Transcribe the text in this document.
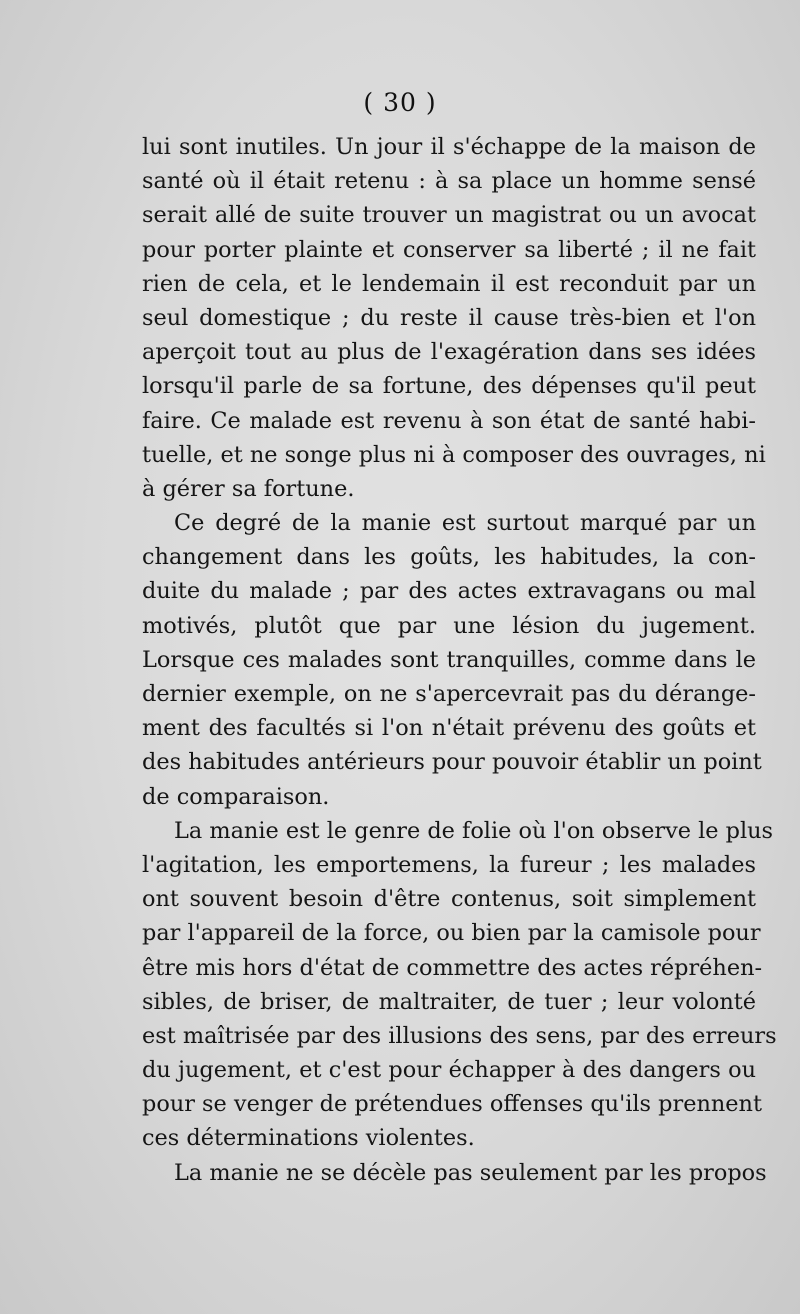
( 30 )
lui sont inutiles. Un jour il s'échappe de la maison de
santé où il était retenu : à sa place un homme sensé
serait allé de suite trouver un magistrat ou un avocat
pour porter plainte et conserver sa liberté ; il ne fait
rien de cela, et le lendemain il est reconduit par un
seul domestique ; du reste il cause très-bien et l'on
aperçoit tout au plus de l'exagération dans ses idées
lorsqu'il parle de sa fortune, des dépenses qu'il peut
faire. Ce malade est revenu à son état de santé habi-
tuelle, et ne songe plus ni à composer des ouvrages, ni
à gérer sa fortune.
Ce degré de la manie est surtout marqué par un
changement dans les goûts, les habitudes, la con-
duite du malade ; par des actes extravagans ou mal
motivés, plutôt que par une lésion du jugement.
Lorsque ces malades sont tranquilles, comme dans le
dernier exemple, on ne s'apercevrait pas du dérange-
ment des facultés si l'on n'était prévenu des goûts et
des habitudes antérieurs pour pouvoir établir un point
de comparaison.
La manie est le genre de folie où l'on observe le plus
l'agitation, les emportemens, la fureur ; les malades
ont souvent besoin d'être contenus, soit simplement
par l'appareil de la force, ou bien par la camisole pour
être mis hors d'état de commettre des actes répréhen-
sibles, de briser, de maltraiter, de tuer ; leur volonté
est maîtrisée par des illusions des sens, par des erreurs
du jugement, et c'est pour échapper à des dangers ou
pour se venger de prétendues offenses qu'ils prennent
ces déterminations violentes.
La manie ne se décèle pas seulement par les propos
